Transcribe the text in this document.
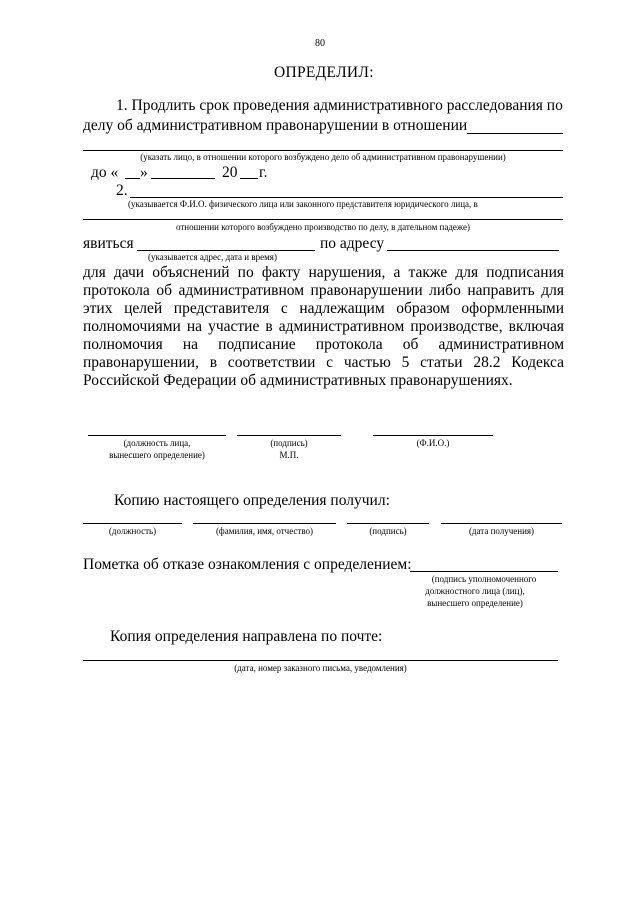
80
ОПРЕДЕЛИЛ:
1. Продлить срок проведения административного расследования по
делу об административном правонарушении в отношении
(указать лицо, в отношении которого возбуждено дело об административном правонарушении)
до « »	20 г.
2.
(указывается Ф.И.О. физического лица или законного представителя юридического лица, в
отношении которого возбуждено производство по делу, в дательном падеже)
явиться	по адресу
(указывается адрес, дата и время)
для дачи объяснений по факту нарушения, а также для подписания
протокола об административном правонарушении либо направить для
этих целей представителя с надлежащим образом оформленными
полномочиями на участие в административном производстве, включая
полномочия на подписание протокола об административном
правонарушении, в соответствии с частью 5 статьи 28.2 Кодекса
Российской Федерации об административных правонарушениях.
(должность лица,
вынесшего определение)
(подпись)
М.П.
(Ф.И.О.)
Копию настоящего определения получил:
(должность)	(фамилия, имя, отчество)	(подпись)	(дата получения)
Пометка об отказе ознакомления с определением:
(подпись уполномоченного
должностного лица (лиц),
вынесшего определение)
Копия определения направлена по почте:
(дата, номер заказного письма, уведомления)
